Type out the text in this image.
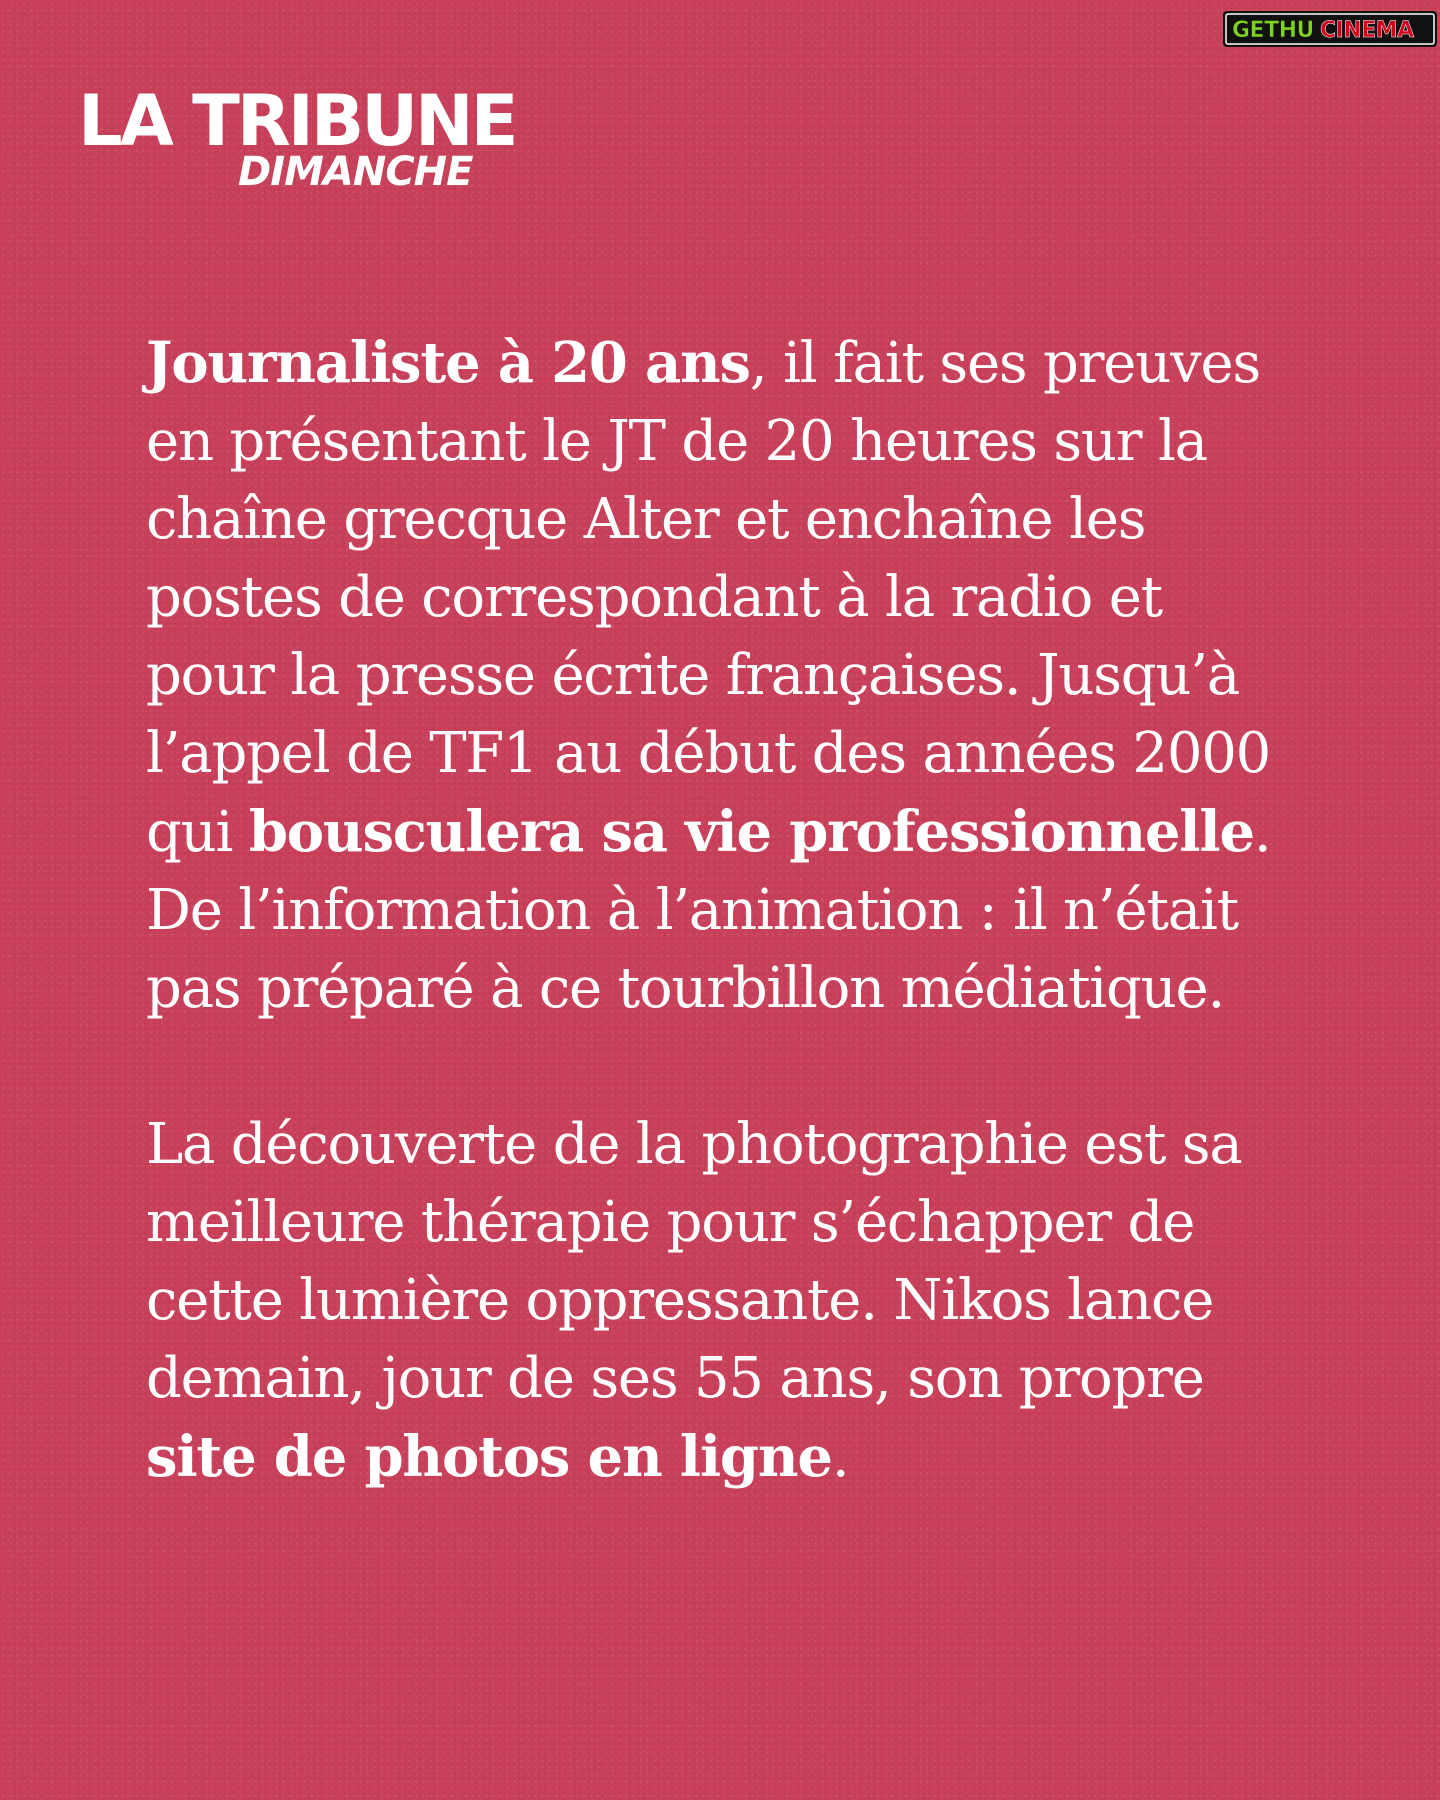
LA TRIBUNE
DIMANCHE
GETHU CINEMA

Journaliste à 20 ans, il fait ses preuves en présentant le JT de 20 heures sur la chaîne grecque Alter et enchaîne les postes de correspondant à la radio et pour la presse écrite françaises. Jusqu’à l’appel de TF1 au début des années 2000 qui bousculera sa vie professionnelle. De l’information à l’animation : il n’était pas préparé à ce tourbillon médiatique.

La découverte de la photographie est sa meilleure thérapie pour s’échapper de cette lumière oppressante. Nikos lance demain, jour de ses 55 ans, son propre site de photos en ligne.
